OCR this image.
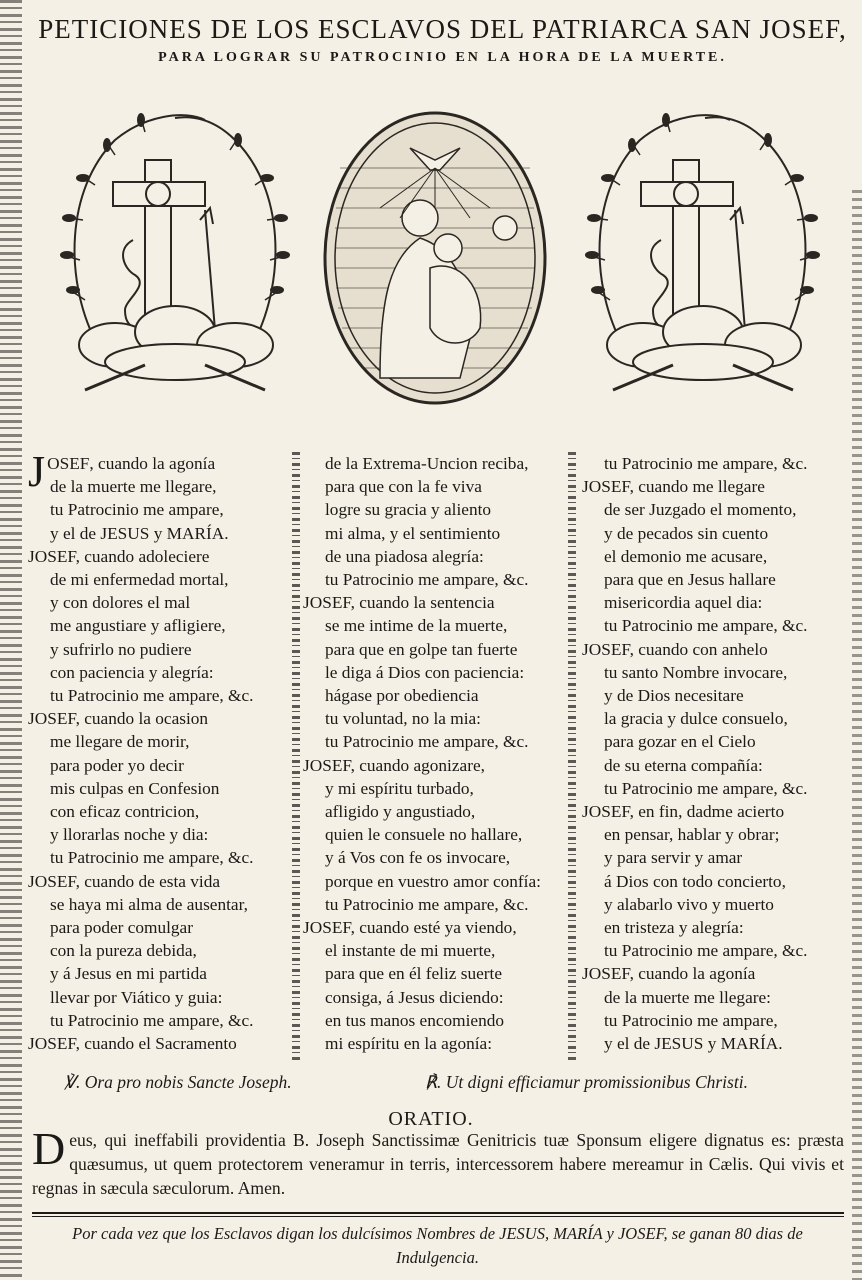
PETICIONES DE LOS ESCLAVOS DEL PATRIARCA SAN JOSEF,
PARA LOGRAR SU PATROCINIO EN LA HORA DE LA MUERTE.
JOSEF, cuando la agonía
de la muerte me llegare,
tu Patrocinio me ampare,
y el de JESUS y MARÍA.
JOSEF, cuando adoleciere
de mi enfermedad mortal,
y con dolores el mal
me angustiare y afligiere,
y sufrirlo no pudiere
con paciencia y alegría:
tu Patrocinio me ampare, &c.
JOSEF, cuando la ocasion
me llegare de morir,
para poder yo decir
mis culpas en Confesion
con eficaz contricion,
y llorarlas noche y dia:
tu Patrocinio me ampare, &c.
JOSEF, cuando de esta vida
se haya mi alma de ausentar,
para poder comulgar
con la pureza debida,
y á Jesus en mi partida
llevar por Viático y guia:
tu Patrocinio me ampare, &c.
JOSEF, cuando el Sacramento
de la Extrema-Uncion reciba,
para que con la fe viva
logre su gracia y aliento
mi alma, y el sentimiento
de una piadosa alegría:
tu Patrocinio me ampare, &c.
JOSEF, cuando la sentencia
se me intime de la muerte,
para que en golpe tan fuerte
le diga á Dios con paciencia:
hágase por obediencia
tu voluntad, no la mia:
tu Patrocinio me ampare, &c.
JOSEF, cuando agonizare,
y mi espíritu turbado,
afligido y angustiado,
quien le consuele no hallare,
y á Vos con fe os invocare,
porque en vuestro amor confía:
tu Patrocinio me ampare, &c.
JOSEF, cuando esté ya viendo,
el instante de mi muerte,
para que en él feliz suerte
consiga, á Jesus diciendo:
en tus manos encomiendo
mi espíritu en la agonía:
tu Patrocinio me ampare, &c.
JOSEF, cuando me llegare
de ser Juzgado el momento,
y de pecados sin cuento
el demonio me acusare,
para que en Jesus hallare
misericordia aquel dia:
tu Patrocinio me ampare, &c.
JOSEF, cuando con anhelo
tu santo Nombre invocare,
y de Dios necesitare
la gracia y dulce consuelo,
para gozar en el Cielo
de su eterna compañía:
tu Patrocinio me ampare, &c.
JOSEF, en fin, dadme acierto
en pensar, hablar y obrar;
y para servir y amar
á Dios con todo concierto,
y alabarlo vivo y muerto
en tristeza y alegría:
tu Patrocinio me ampare, &c.
JOSEF, cuando la agonía
de la muerte me llegare:
tu Patrocinio me ampare,
y el de JESUS y MARÍA.
℣. Ora pro nobis Sancte Joseph.	℟. Ut digni efficiamur promissionibus Christi.
ORATIO.
Deus, qui ineffabili providentia B. Joseph Sanctissimæ Genitricis tuæ Sponsum eligere dignatus es: præsta quæsumus, ut quem protectorem veneramur in terris, intercessorem habere mereamur in Cælis. Qui vivis et regnas in sæcula sæculorum. Amen.
Por cada vez que los Esclavos digan los dulcísimos Nombres de JESUS, MARÍA y JOSEF, se ganan 80 dias de Indulgencia.
